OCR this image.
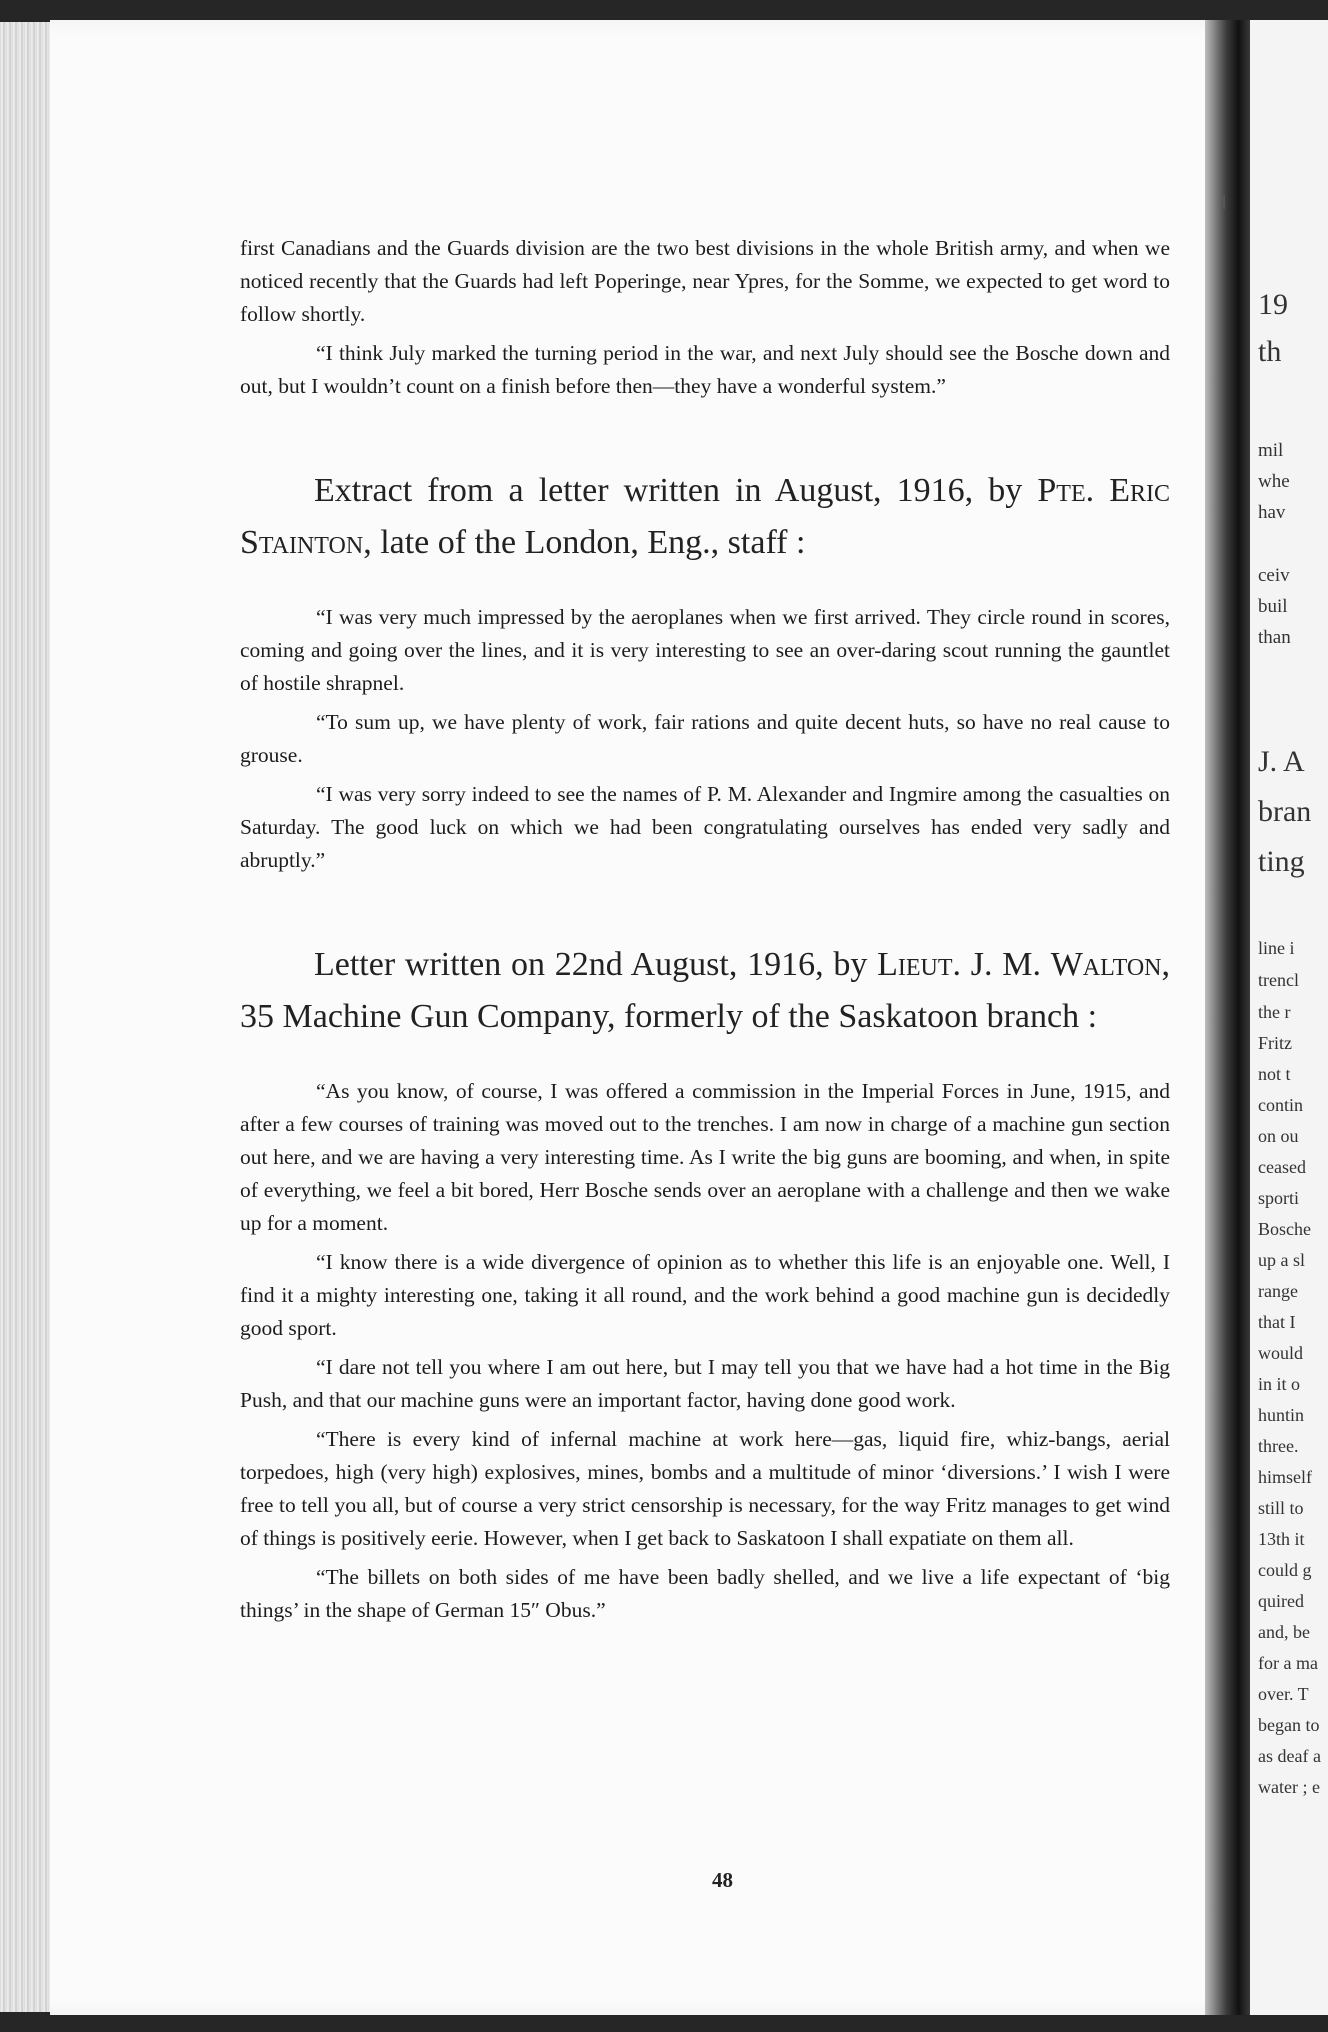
19
th
mil
whe
hav
ceiv
buil
than
J. A
bran
ting
line i
trencl
the r
Fritz
not t
contin
on ou
ceased
sporti
Bosche
up a sl
range
that I
would
in it o
huntin
three.
himself
still to
13th it
could g
quired
and, be
for a ma
over. T
began to
as deaf a
water ; e

first Canadians and the Guards division are the two best divisions in the whole British army, and when we noticed recently that the Guards had left Poperinge, near Ypres, for the Somme, we expected to get word to follow shortly.

“I think July marked the turning period in the war, and next July should see the Bosche down and out, but I wouldn’t count on a finish before then—they have a wonderful system.”

Extract from a letter written in August, 1916, by Pte. Eric Stainton, late of the London, Eng., staff :

“I was very much impressed by the aeroplanes when we first arrived. They circle round in scores, coming and going over the lines, and it is very interesting to see an over-daring scout running the gauntlet of hostile shrapnel.

“To sum up, we have plenty of work, fair rations and quite decent huts, so have no real cause to grouse.

“I was very sorry indeed to see the names of P. M. Alexander and Ingmire among the casualties on Saturday. The good luck on which we had been congratulating ourselves has ended very sadly and abruptly.”

Letter written on 22nd August, 1916, by Lieut. J. M. Walton, 35 Machine Gun Company, formerly of the Saskatoon branch :

“As you know, of course, I was offered a commission in the Imperial Forces in June, 1915, and after a few courses of training was moved out to the trenches. I am now in charge of a machine gun section out here, and we are having a very interesting time. As I write the big guns are booming, and when, in spite of everything, we feel a bit bored, Herr Bosche sends over an aeroplane with a challenge and then we wake up for a moment.

“I know there is a wide divergence of opinion as to whether this life is an enjoyable one. Well, I find it a mighty interesting one, taking it all round, and the work behind a good machine gun is decidedly good sport.

“I dare not tell you where I am out here, but I may tell you that we have had a hot time in the Big Push, and that our machine guns were an important factor, having done good work.

“There is every kind of infernal machine at work here—gas, liquid fire, whiz-bangs, aerial torpedoes, high (very high) explosives, mines, bombs and a multitude of minor ‘diversions.’ I wish I were free to tell you all, but of course a very strict censorship is necessary, for the way Fritz manages to get wind of things is positively eerie. However, when I get back to Saskatoon I shall expatiate on them all.

“The billets on both sides of me have been badly shelled, and we live a life expectant of ‘big things’ in the shape of German 15″ Obus.”

48
